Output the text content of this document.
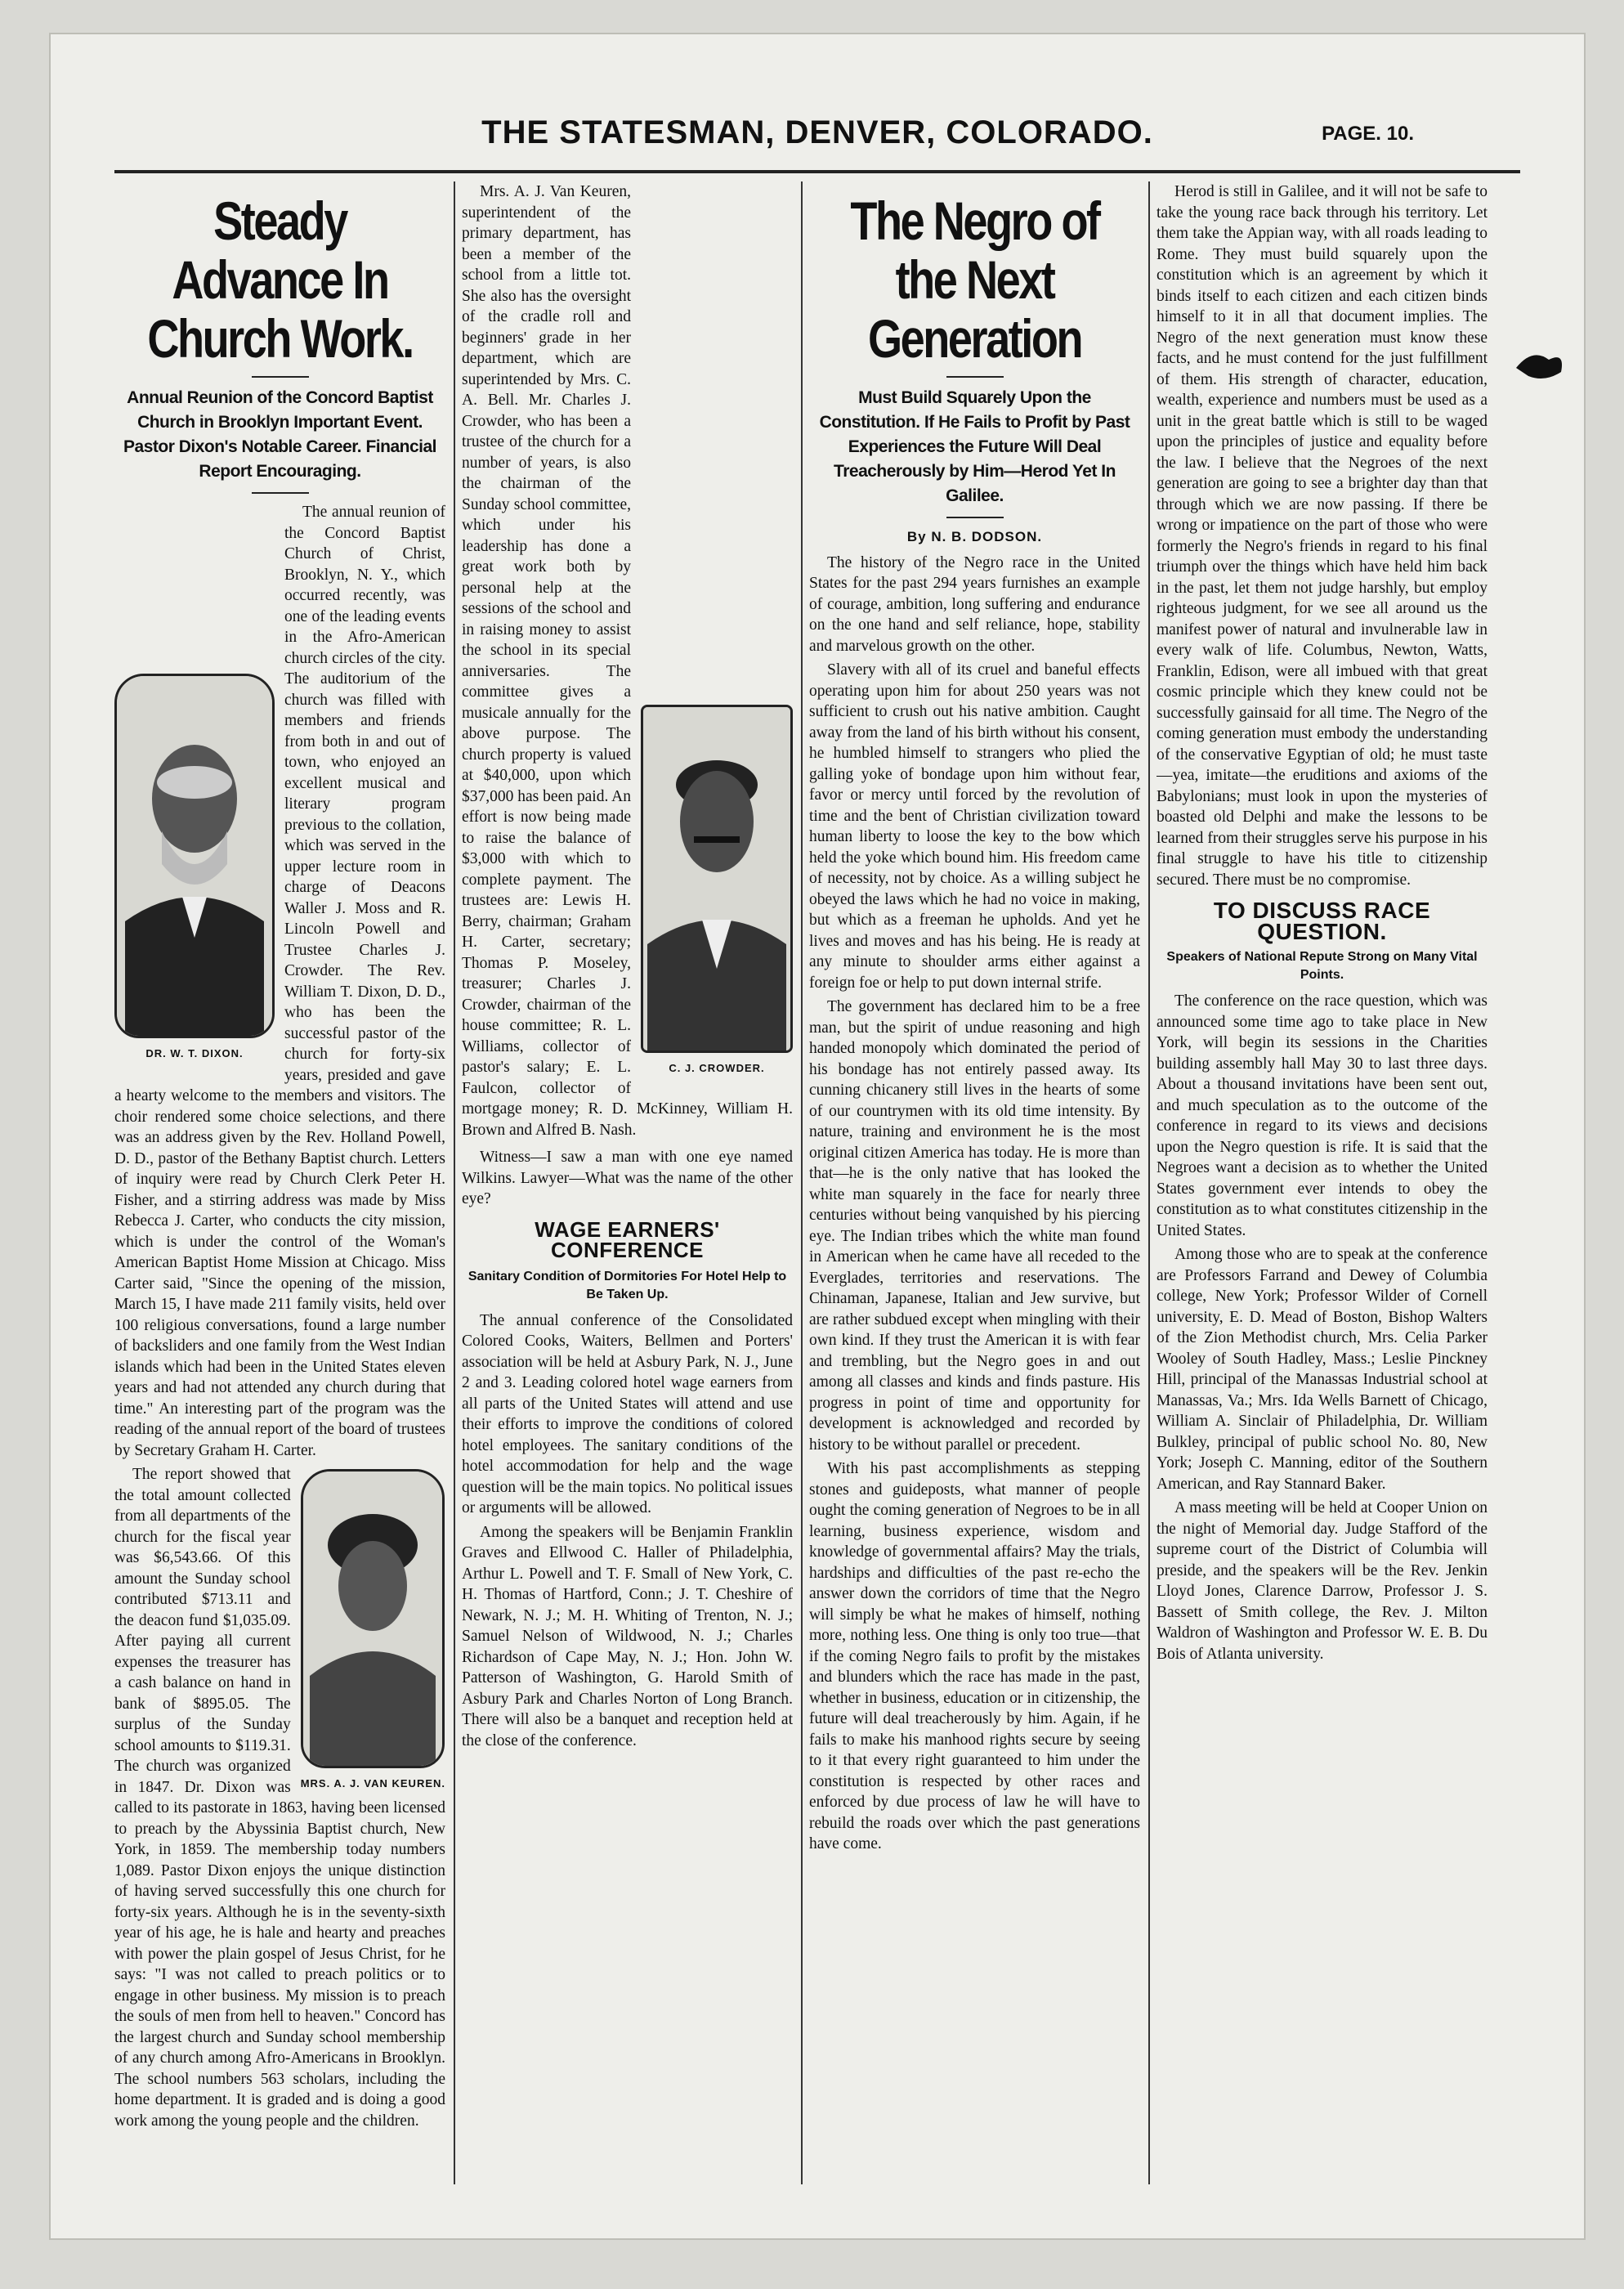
THE STATESMAN, DENVER, COLORADO.	PAGE. 10.
Steady Advance In Church Work.
Annual Reunion of the Concord Baptist Church in Brooklyn Important Event. Pastor Dixon's Notable Career. Financial Report Encouraging.
DR. W. T. DIXON.

The annual reunion of the Concord Baptist Church of Christ, Brooklyn, N. Y., which occurred recently, was one of the leading events in the Afro-American church circles of the city. The auditorium of the church was filled with members and friends from both in and out of town, who enjoyed an excellent musical and literary program previous to the collation, which was served in the upper lecture room in charge of Deacons Waller J. Moss and R. Lincoln Powell and Trustee Charles J. Crowder. The Rev. William T. Dixon, D. D., who has been the successful pastor of the church for forty-six years, presided and gave a hearty welcome to the members and visitors. The choir rendered some choice selections, and there was an address given by the Rev. Holland Powell, D. D., pastor of the Bethany Baptist church. Letters of inquiry were read by Church Clerk Peter H. Fisher, and a stirring address was made by Miss Rebecca J. Carter, who conducts the city mission, which is under the control of the Woman's American Baptist Home Mission at Chicago. Miss Carter said, "Since the opening of the mission, March 15, I have made 211 family visits, held over 100 religious conversations, found a large number of backsliders and one family from the West Indian islands which had been in the United States eleven years and had not attended any church during that time." An interesting part of the program was the reading of the annual report of the board of trustees by Secretary Graham H. Carter.

MRS. A. J. VAN KEUREN.

The report showed that the total amount collected from all departments of the church for the fiscal year was $6,543.66. Of this amount the Sunday school contributed $713.11 and the deacon fund $1,035.09. After paying all current expenses the treasurer has a cash balance on hand in bank of $895.05. The surplus of the Sunday school amounts to $119.31. The church was organized in 1847. Dr. Dixon was called to its pastorate in 1863, having been licensed to preach by the Abyssinia Baptist church, New York, in 1859. The membership today numbers 1,089. Pastor Dixon enjoys the unique distinction of having served successfully this one church for forty-six years. Although he is in the seventy-sixth year of his age, he is hale and hearty and preaches with power the plain gospel of Jesus Christ, for he says: "I was not called to preach politics or to engage in other business. My mission is to preach the souls of men from hell to heaven." Concord has the largest church and Sunday school membership of any church among Afro-Americans in Brooklyn. The school numbers 563 scholars, including the home department. It is graded and is doing a good work among the young people and the children.

C. J. CROWDER.

Mrs. A. J. Van Keuren, superintendent of the primary department, has been a member of the school from a little tot. She also has the oversight of the cradle roll and beginners' grade in her department, which are superintended by Mrs. C. A. Bell. Mr. Charles J. Crowder, who has been a trustee of the church for a number of years, is also the chairman of the Sunday school committee, which under his leadership has done a great work both by personal help at the sessions of the school and in raising money to assist the school in its special anniversaries. The committee gives a musicale annually for the above purpose. The church property is valued at $40,000, upon which $37,000 has been paid. An effort is now being made to raise the balance of $3,000 with which to complete payment. The trustees are: Lewis H. Berry, chairman; Graham H. Carter, secretary; Thomas P. Moseley, treasurer; Charles J. Crowder, chairman of the house committee; R. L. Williams, collector of pastor's salary; E. L. Faulcon, collector of mortgage money; R. D. McKinney, William H. Brown and Alfred B. Nash.

Witness—I saw a man with one eye named Wilkins. Lawyer—What was the name of the other eye?

WAGE EARNERS' CONFERENCE
Sanitary Condition of Dormitories For Hotel Help to Be Taken Up.

The annual conference of the Consolidated Colored Cooks, Waiters, Bellmen and Porters' association will be held at Asbury Park, N. J., June 2 and 3. Leading colored hotel wage earners from all parts of the United States will attend and use their efforts to improve the conditions of colored hotel employees. The sanitary conditions of the hotel accommodation for help and the wage question will be the main topics. No political issues or arguments will be allowed.

Among the speakers will be Benjamin Franklin Graves and Ellwood C. Haller of Philadelphia, Arthur L. Powell and T. F. Small of New York, C. H. Thomas of Hartford, Conn.; J. T. Cheshire of Newark, N. J.; M. H. Whiting of Trenton, N. J.; Samuel Nelson of Wildwood, N. J.; Charles Richardson of Cape May, N. J.; Hon. John W. Patterson of Washington, G. Harold Smith of Asbury Park and Charles Norton of Long Branch. There will also be a banquet and reception held at the close of the conference.

The Negro of the Next Generation
Must Build Squarely Upon the Constitution. If He Fails to Profit by Past Experiences the Future Will Deal Treacherously by Him—Herod Yet In Galilee.
By N. B. DODSON.

The history of the Negro race in the United States for the past 294 years furnishes an example of courage, ambition, long suffering and endurance on the one hand and self reliance, hope, stability and marvelous growth on the other.

Slavery with all of its cruel and baneful effects operating upon him for about 250 years was not sufficient to crush out his native ambition. Caught away from the land of his birth without his consent, he humbled himself to strangers who plied the galling yoke of bondage upon him without fear, favor or mercy until forced by the revolution of time and the bent of Christian civilization toward human liberty to loose the key to the bow which held the yoke which bound him. His freedom came of necessity, not by choice. As a willing subject he obeyed the laws which he had no voice in making, but which as a freeman he upholds. And yet he lives and moves and has his being. He is ready at any minute to shoulder arms either against a foreign foe or help to put down internal strife.

The government has declared him to be a free man, but the spirit of undue reasoning and high handed monopoly which dominated the period of his bondage has not entirely passed away. Its cunning chicanery still lives in the hearts of some of our countrymen with its old time intensity. By nature, training and environment he is the most original citizen America has today. He is more than that—he is the only native that has looked the white man squarely in the face for nearly three centuries without being vanquished by his piercing eye. The Indian tribes which the white man found in American when he came have all receded to the Everglades, territories and reservations. The Chinaman, Japanese, Italian and Jew survive, but are rather subdued except when mingling with their own kind. If they trust the American it is with fear and trembling, but the Negro goes in and out among all classes and kinds and finds pasture. His progress in point of time and opportunity for development is acknowledged and recorded by history to be without parallel or precedent.

With his past accomplishments as stepping stones and guideposts, what manner of people ought the coming generation of Negroes to be in all learning, business experience, wisdom and knowledge of governmental affairs? May the trials, hardships and difficulties of the past re-echo the answer down the corridors of time that the Negro will simply be what he makes of himself, nothing more, nothing less. One thing is only too true—that if the coming Negro fails to profit by the mistakes and blunders which the race has made in the past, whether in business, education or in citizenship, the future will deal treacherously by him. Again, if he fails to make his manhood rights secure by seeing to it that every right guaranteed to him under the constitution is respected by other races and enforced by due process of law he will have to rebuild the roads over which the past generations have come.

Herod is still in Galilee, and it will not be safe to take the young race back through his territory. Let them take the Appian way, with all roads leading to Rome. They must build squarely upon the constitution which is an agreement by which it binds itself to each citizen and each citizen binds himself to it in all that document implies. The Negro of the next generation must know these facts, and he must contend for the just fulfillment of them. His strength of character, education, wealth, experience and numbers must be used as a unit in the great battle which is still to be waged upon the principles of justice and equality before the law. I believe that the Negroes of the next generation are going to see a brighter day than that through which we are now passing. If there be wrong or impatience on the part of those who were formerly the Negro's friends in regard to his final triumph over the things which have held him back in the past, let them not judge harshly, but employ righteous judgment, for we see all around us the manifest power of natural and invulnerable law in every walk of life. Columbus, Newton, Watts, Franklin, Edison, were all imbued with that great cosmic principle which they knew could not be successfully gainsaid for all time. The Negro of the coming generation must embody the understanding of the conservative Egyptian of old; he must taste—yea, imitate—the eruditions and axioms of the Babylonians; must look in upon the mysteries of boasted old Delphi and make the lessons to be learned from their struggles serve his purpose in his final struggle to have his title to citizenship secured. There must be no compromise.

TO DISCUSS RACE QUESTION.
Speakers of National Repute Strong on Many Vital Points.

The conference on the race question, which was announced some time ago to take place in New York, will begin its sessions in the Charities building assembly hall May 30 to last three days. About a thousand invitations have been sent out, and much speculation as to the outcome of the conference in regard to its views and decisions upon the Negro question is rife. It is said that the Negroes want a decision as to whether the United States government ever intends to obey the constitution as to what constitutes citizenship in the United States.

Among those who are to speak at the conference are Professors Farrand and Dewey of Columbia college, New York; Professor Wilder of Cornell university, E. D. Mead of Boston, Bishop Walters of the Zion Methodist church, Mrs. Celia Parker Wooley of South Hadley, Mass.; Leslie Pinckney Hill, principal of the Manassas Industrial school at Manassas, Va.; Mrs. Ida Wells Barnett of Chicago, William A. Sinclair of Philadelphia, Dr. William Bulkley, principal of public school No. 80, New York; Joseph C. Manning, editor of the Southern American, and Ray Stannard Baker.

A mass meeting will be held at Cooper Union on the night of Memorial day. Judge Stafford of the supreme court of the District of Columbia will preside, and the speakers will be the Rev. Jenkin Lloyd Jones, Clarence Darrow, Professor J. S. Bassett of Smith college, the Rev. J. Milton Waldron of Washington and Professor W. E. B. Du Bois of Atlanta university.
